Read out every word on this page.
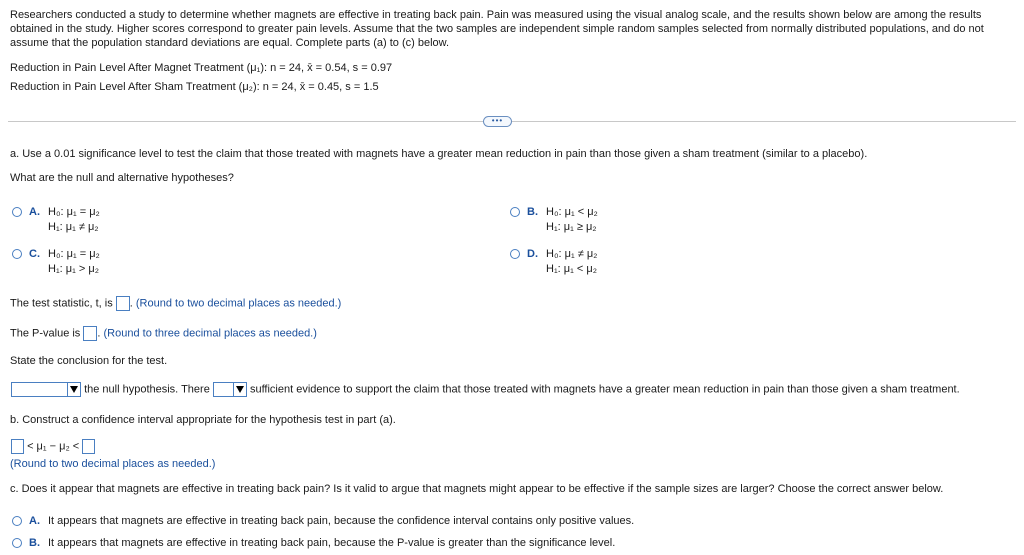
Researchers conducted a study to determine whether magnets are effective in treating back pain. Pain was measured using the visual analog scale, and the results shown below are among the results obtained in the study. Higher scores correspond to greater pain levels. Assume that the two samples are independent simple random samples selected from normally distributed populations, and do not assume that the population standard deviations are equal. Complete parts (a) to (c) below.

Reduction in Pain Level After Magnet Treatment (μ₁): n = 24, x̄ = 0.54, s = 0.97
Reduction in Pain Level After Sham Treatment (μ₂): n = 24, x̄ = 0.45, s = 1.5
•••
a. Use a 0.01 significance level to test the claim that those treated with magnets have a greater mean reduction in pain than those given a sham treatment (similar to a placebo).
What are the null and alternative hypotheses?
A. H₀: μ₁ = μ₂
H₁: μ₁ ≠ μ₂
B. H₀: μ₁ < μ₂
H₁: μ₁ ≥ μ₂
C. H₀: μ₁ = μ₂
H₁: μ₁ > μ₂
D. H₀: μ₁ ≠ μ₂
H₁: μ₁ < μ₂
The test statistic, t, is . (Round to two decimal places as needed.)
The P-value is . (Round to three decimal places as needed.)
State the conclusion for the test.
the null hypothesis. There	sufficient evidence to support the claim that those treated with magnets have a greater mean reduction in pain than those given a sham treatment.
b. Construct a confidence interval appropriate for the hypothesis test in part (a).
< μ₁ − μ₂ <
(Round to two decimal places as needed.)
c. Does it appear that magnets are effective in treating back pain? Is it valid to argue that magnets might appear to be effective if the sample sizes are larger? Choose the correct answer below.
A. It appears that magnets are effective in treating back pain, because the confidence interval contains only positive values.
B. It appears that magnets are effective in treating back pain, because the P-value is greater than the significance level.
